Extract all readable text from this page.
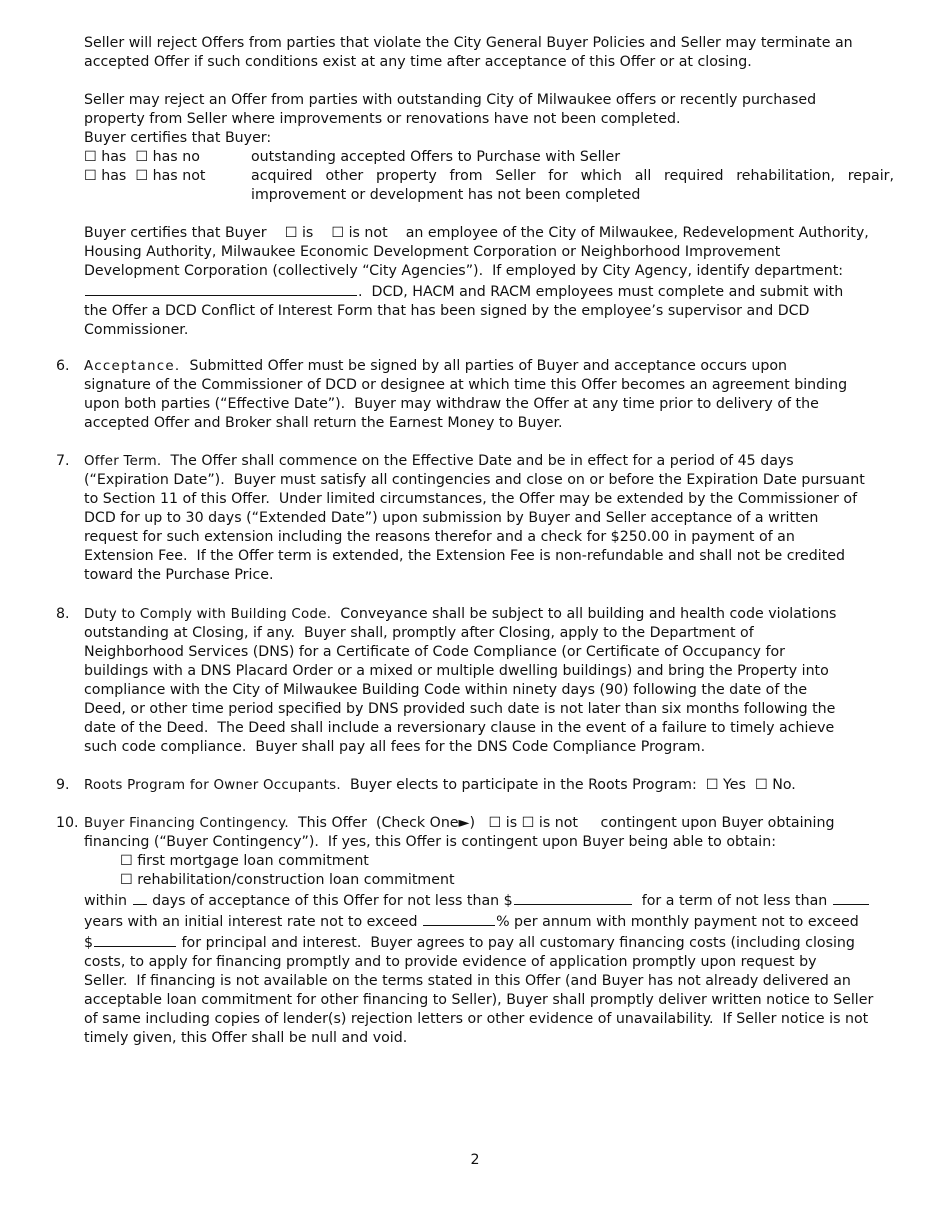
Seller will reject Offers from parties that violate the City General Buyer Policies and Seller may terminate an
accepted Offer if such conditions exist at any time after acceptance of this Offer or at closing.
Seller may reject an Offer from parties with outstanding City of Milwaukee offers or recently purchased
property from Seller where improvements or renovations have not been completed.
Buyer certifies that Buyer:
☐ has ☐ has no	outstanding accepted Offers to Purchase with Seller
☐ has ☐ has not	acquired other property from Seller for which all required rehabilitation, repair, improvement or development has not been completed
Buyer certifies that Buyer ☐ is ☐ is not an employee of the City of Milwaukee, Redevelopment Authority,
Housing Authority, Milwaukee Economic Development Corporation or Neighborhood Improvement
Development Corporation (collectively “City Agencies”).  If employed by City Agency, identify department:
.  DCD, HACM and RACM employees must complete and submit with
the Offer a DCD Conflict of Interest Form that has been signed by the employee’s supervisor and DCD
Commissioner.
6. Acceptance. Submitted Offer must be signed by all parties of Buyer and acceptance occurs upon
signature of the Commissioner of DCD or designee at which time this Offer becomes an agreement binding
upon both parties (“Effective Date”).  Buyer may withdraw the Offer at any time prior to delivery of the
accepted Offer and Broker shall return the Earnest Money to Buyer.
7. Offer Term. The Offer shall commence on the Effective Date and be in effect for a period of 45 days
(“Expiration Date”).  Buyer must satisfy all contingencies and close on or before the Expiration Date pursuant
to Section 11 of this Offer.  Under limited circumstances, the Offer may be extended by the Commissioner of
DCD for up to 30 days (“Extended Date”) upon submission by Buyer and Seller acceptance of a written
request for such extension including the reasons therefor and a check for $250.00 in payment of an
Extension Fee.  If the Offer term is extended, the Extension Fee is non-refundable and shall not be credited
toward the Purchase Price.
8. Duty to Comply with Building Code. Conveyance shall be subject to all building and health code violations
outstanding at Closing, if any.  Buyer shall, promptly after Closing, apply to the Department of
Neighborhood Services (DNS) for a Certificate of Code Compliance (or Certificate of Occupancy for
buildings with a DNS Placard Order or a mixed or multiple dwelling buildings) and bring the Property into
compliance with the City of Milwaukee Building Code within ninety days (90) following the date of the
Deed, or other time period specified by DNS provided such date is not later than six months following the
date of the Deed.  The Deed shall include a reversionary clause in the event of a failure to timely achieve
such code compliance.  Buyer shall pay all fees for the DNS Code Compliance Program.
9. Roots Program for Owner Occupants. Buyer elects to participate in the Roots Program: ☐ Yes ☐ No.
10. Buyer Financing Contingency. This Offer  (Check One►) ☐ is ☐ is not contingent upon Buyer obtaining
financing (“Buyer Contingency”).  If yes, this Offer is contingent upon Buyer being able to obtain:
☐ first mortgage loan commitment
☐ rehabilitation/construction loan commitment
within days of acceptance of this Offer for not less than $	for a term of not less than
years with an initial interest rate not to exceed	% per annum with monthly payment not to exceed
$	for principal and interest.  Buyer agrees to pay all customary financing costs (including closing
costs, to apply for financing promptly and to provide evidence of application promptly upon request by
Seller.  If financing is not available on the terms stated in this Offer (and Buyer has not already delivered an
acceptable loan commitment for other financing to Seller), Buyer shall promptly deliver written notice to Seller
of same including copies of lender(s) rejection letters or other evidence of unavailability.  If Seller notice is not
timely given, this Offer shall be null and void.
2
